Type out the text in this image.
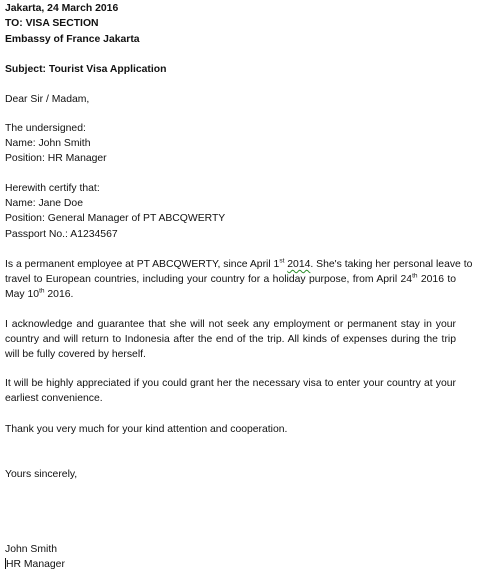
Jakarta, 24 March 2016
TO: VISA SECTION
Embassy of France Jakarta
Subject: Tourist Visa Application
Dear Sir / Madam,
The undersigned:
Name: John Smith
Position: HR Manager
Herewith certify that:
Name: Jane Doe
Position: General Manager of PT ABCQWERTY
Passport No.: A1234567
Is a permanent employee at PT ABCQWERTY, since April 1st 2014. She's taking her personal leave to
travel to European countries, including your country for a holiday purpose, from April 24th 2016 to
May 10th 2016.
I acknowledge and guarantee that she will not seek any employment or permanent stay in your
country and will return to Indonesia after the end of the trip. All kinds of expenses during the trip
will be fully covered by herself.
It will be highly appreciated if you could grant her the necessary visa to enter your country at your
earliest convenience.
Thank you very much for your kind attention and cooperation.
Yours sincerely,
John Smith
HR Manager
